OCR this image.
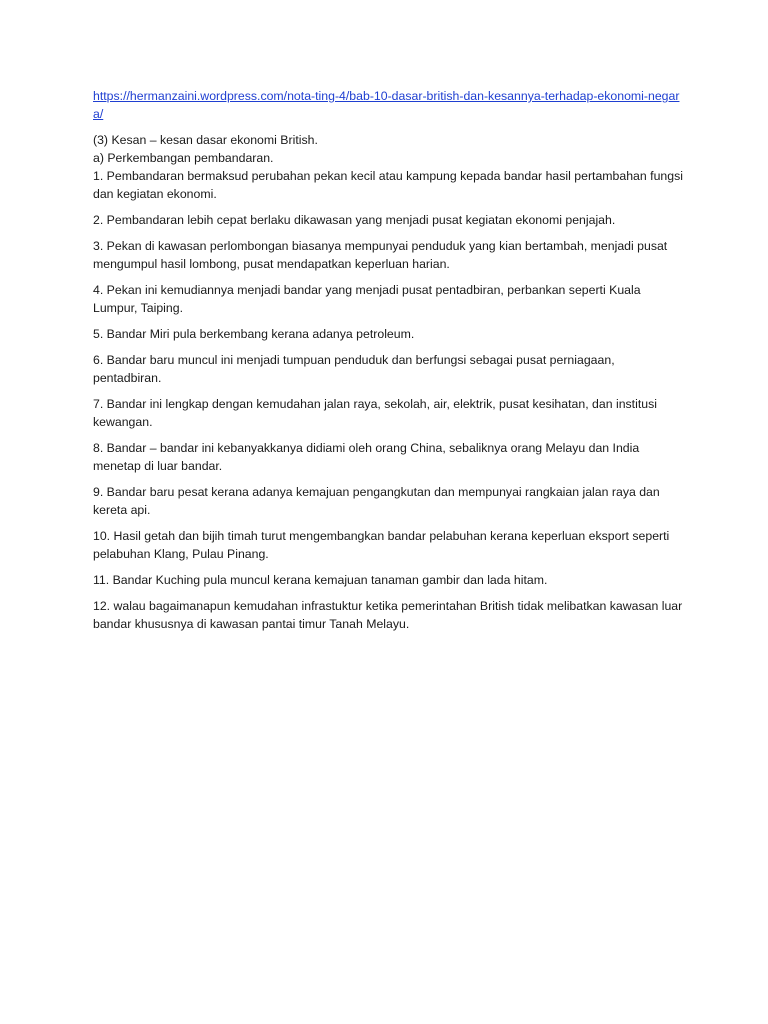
https://hermanzaini.wordpress.com/nota-ting-4/bab-10-dasar-british-dan-kesannya-terhadap-ekonomi-negara/
(3) Kesan – kesan dasar ekonomi British.
a) Perkembangan pembandaran.
1. Pembandaran bermaksud perubahan pekan kecil atau kampung kepada bandar hasil pertambahan fungsi dan kegiatan ekonomi.

2. Pembandaran lebih cepat berlaku dikawasan yang menjadi pusat kegiatan ekonomi penjajah.

3. Pekan di kawasan perlombongan biasanya mempunyai penduduk yang kian bertambah, menjadi pusat mengumpul hasil lombong, pusat mendapatkan keperluan harian.

4. Pekan ini kemudiannya menjadi bandar yang menjadi pusat pentadbiran, perbankan seperti Kuala Lumpur, Taiping.

5. Bandar Miri pula berkembang kerana adanya petroleum.

6. Bandar baru muncul ini menjadi tumpuan penduduk dan berfungsi sebagai pusat perniagaan, pentadbiran.

7. Bandar ini lengkap dengan kemudahan jalan raya, sekolah, air, elektrik, pusat kesihatan, dan institusi kewangan.

8. Bandar – bandar ini kebanyakkanya didiami oleh orang China, sebaliknya orang Melayu dan India menetap di luar bandar.

9. Bandar baru pesat kerana adanya kemajuan pengangkutan dan mempunyai rangkaian jalan raya dan kereta api.

10. Hasil getah dan bijih timah turut mengembangkan bandar pelabuhan kerana keperluan eksport seperti pelabuhan Klang, Pulau Pinang.

11. Bandar Kuching pula muncul kerana kemajuan tanaman gambir dan lada hitam.

12. walau bagaimanapun kemudahan infrastuktur ketika pemerintahan British tidak melibatkan kawasan luar bandar khususnya di kawasan pantai timur Tanah Melayu.
